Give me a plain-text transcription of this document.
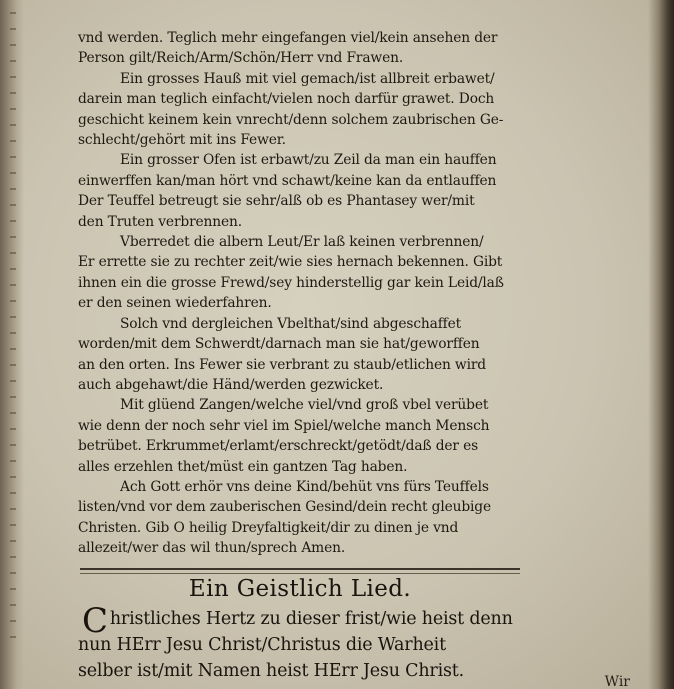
vnd werden. Teglich mehr eingefangen viel/kein ansehen der
Person gilt/Reich/Arm/Schön/Herr vnd Frawen.
Ein grosses Hauß mit viel gemach/ist allbreit erbawet/
darein man teglich einfacht/vielen noch darfür grawet. Doch
geschicht keinem kein vnrecht/denn solchem zaubrischen Ge-
schlecht/gehört mit ins Fewer.
Ein grosser Ofen ist erbawt/zu Zeil da man ein hauffen
einwerffen kan/man hört vnd schawt/keine kan da entlauffen
Der Teuffel betreugt sie sehr/alß ob es Phantasey wer/mit
den Truten verbrennen.
Vberredet die albern Leut/Er laß keinen verbrennen/
Er errette sie zu rechter zeit/wie sies hernach bekennen. Gibt
ihnen ein die grosse Frewd/sey hinderstellig gar kein Leid/laß
er den seinen wiederfahren.
Solch vnd dergleichen Vbelthat/sind abgeschaffet
worden/mit dem Schwerdt/darnach man sie hat/geworffen
an den orten. Ins Fewer sie verbrant zu staub/etlichen wird
auch abgehawt/die Händ/werden gezwicket.
Mit glüend Zangen/welche viel/vnd groß vbel verübet
wie denn der noch sehr viel im Spiel/welche manch Mensch
betrübet. Erkrummet/erlamt/erschreckt/getödt/daß der es
alles erzehlen thet/müst ein gantzen Tag haben.
Ach Gott erhör vns deine Kind/behüt vns fürs Teuffels
listen/vnd vor dem zauberischen Gesind/dein recht gleubige
Christen. Gib O heilig Dreyfaltigkeit/dir zu dinen je vnd
allezeit/wer das wil thun/sprech Amen.
Ein Geistlich Lied.
Christliches Hertz zu dieser frist/wie heist denn
nun HErr Jesu Christ/Christus die Warheit
selber ist/mit Namen heist HErr Jesu Christ.
Wir
